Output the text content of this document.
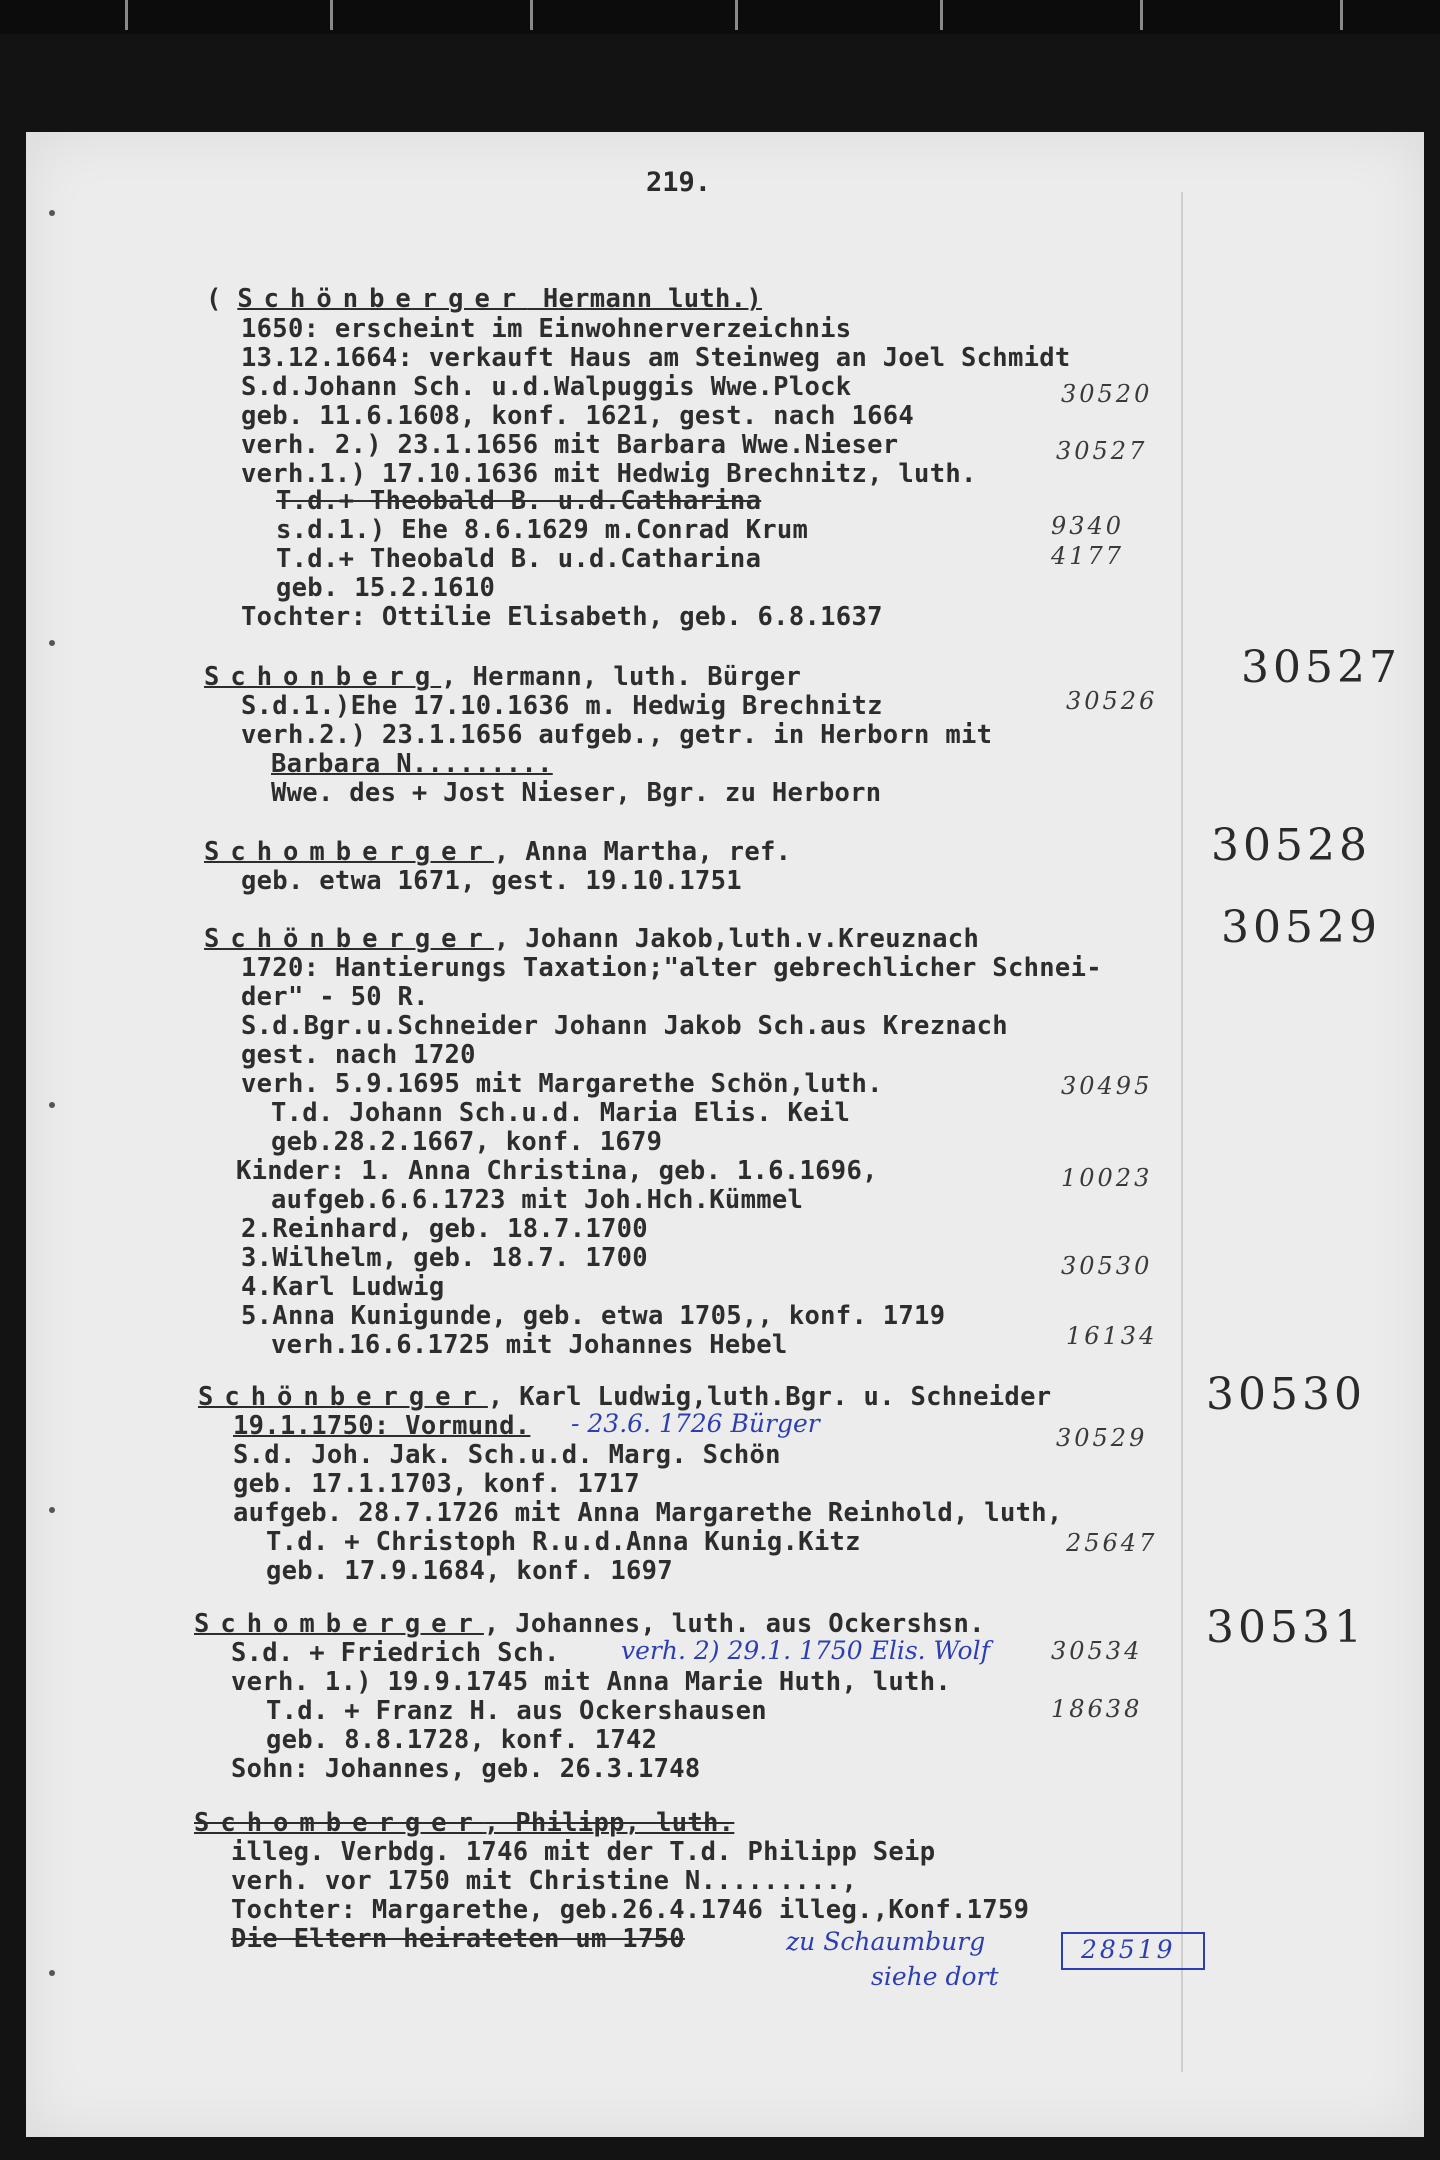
219.
( Schönberger Hermann luth.)
1650: erscheint im Einwohnerverzeichnis
13.12.1664: verkauft Haus am Steinweg an Joel Schmidt
S.d.Johann Sch. u.d.Walpuggis Wwe.Plock
geb. 11.6.1608, konf. 1621, gest. nach 1664
verh. 2.) 23.1.1656 mit Barbara Wwe.Nieser
verh.1.) 17.10.1636 mit Hedwig Brechnitz, luth.
T.d.+ Theobald B. u.d.Catharina
s.d.1.) Ehe 8.6.1629 m.Conrad Krum
T.d.+ Theobald B. u.d.Catharina
geb. 15.2.1610
Tochter: Ottilie Elisabeth, geb. 6.8.1637
30520
30527
9340
4177
30527
Schonberg, Hermann, luth. Bürger
S.d.1.)Ehe 17.10.1636 m. Hedwig Brechnitz
verh.2.) 23.1.1656 aufgeb., getr. in Herborn mit
Barbara N.........
Wwe. des + Jost Nieser, Bgr. zu Herborn
30526
30528
Schomberger, Anna Martha, ref.
geb. etwa 1671, gest. 19.10.1751
30529
Schönberger, Johann Jakob,luth.v.Kreuznach
1720: Hantierungs Taxation;"alter gebrechlicher Schnei-
der" - 50 R.
S.d.Bgr.u.Schneider Johann Jakob Sch.aus Kreznach
gest. nach 1720
verh. 5.9.1695 mit Margarethe Schön,luth.
T.d. Johann Sch.u.d. Maria Elis. Keil
geb.28.2.1667, konf. 1679
Kinder: 1. Anna Christina, geb. 1.6.1696,
aufgeb.6.6.1723 mit Joh.Hch.Kümmel
2.Reinhard, geb. 18.7.1700
3.Wilhelm, geb. 18.7. 1700
4.Karl Ludwig
5.Anna Kunigunde, geb. etwa 1705,, konf. 1719
verh.16.6.1725 mit Johannes Hebel
30495
10023
30530
16134
30530
Schönberger, Karl Ludwig,luth.Bgr. u. Schneider
19.1.1750: Vormund. - 23.6. 1726 Bürger
S.d. Joh. Jak. Sch.u.d. Marg. Schön
geb. 17.1.1703, konf. 1717
aufgeb. 28.7.1726 mit Anna Margarethe Reinhold, luth,
T.d. + Christoph R.u.d.Anna Kunig.Kitz
geb. 17.9.1684, konf. 1697
30529
25647
30531
Schomberger, Johannes, luth. aus Ockershsn.
S.d. + Friedrich Sch. verh. 2) 29.1. 1750 Elis. Wolf
verh. 1.) 19.9.1745 mit Anna Marie Huth, luth.
T.d. + Franz H. aus Ockershausen
geb. 8.8.1728, konf. 1742
Sohn: Johannes, geb. 26.3.1748
30534
18638
Schomberger, Philipp, luth.
illeg. Verbdg. 1746 mit der T.d. Philipp Seip
verh. vor 1750 mit Christine N.........,
Tochter: Margarethe, geb.26.4.1746 illeg.,Konf.1759
Die Eltern heirateten um 1750	zu Schaumburg
siehe dort
28519
